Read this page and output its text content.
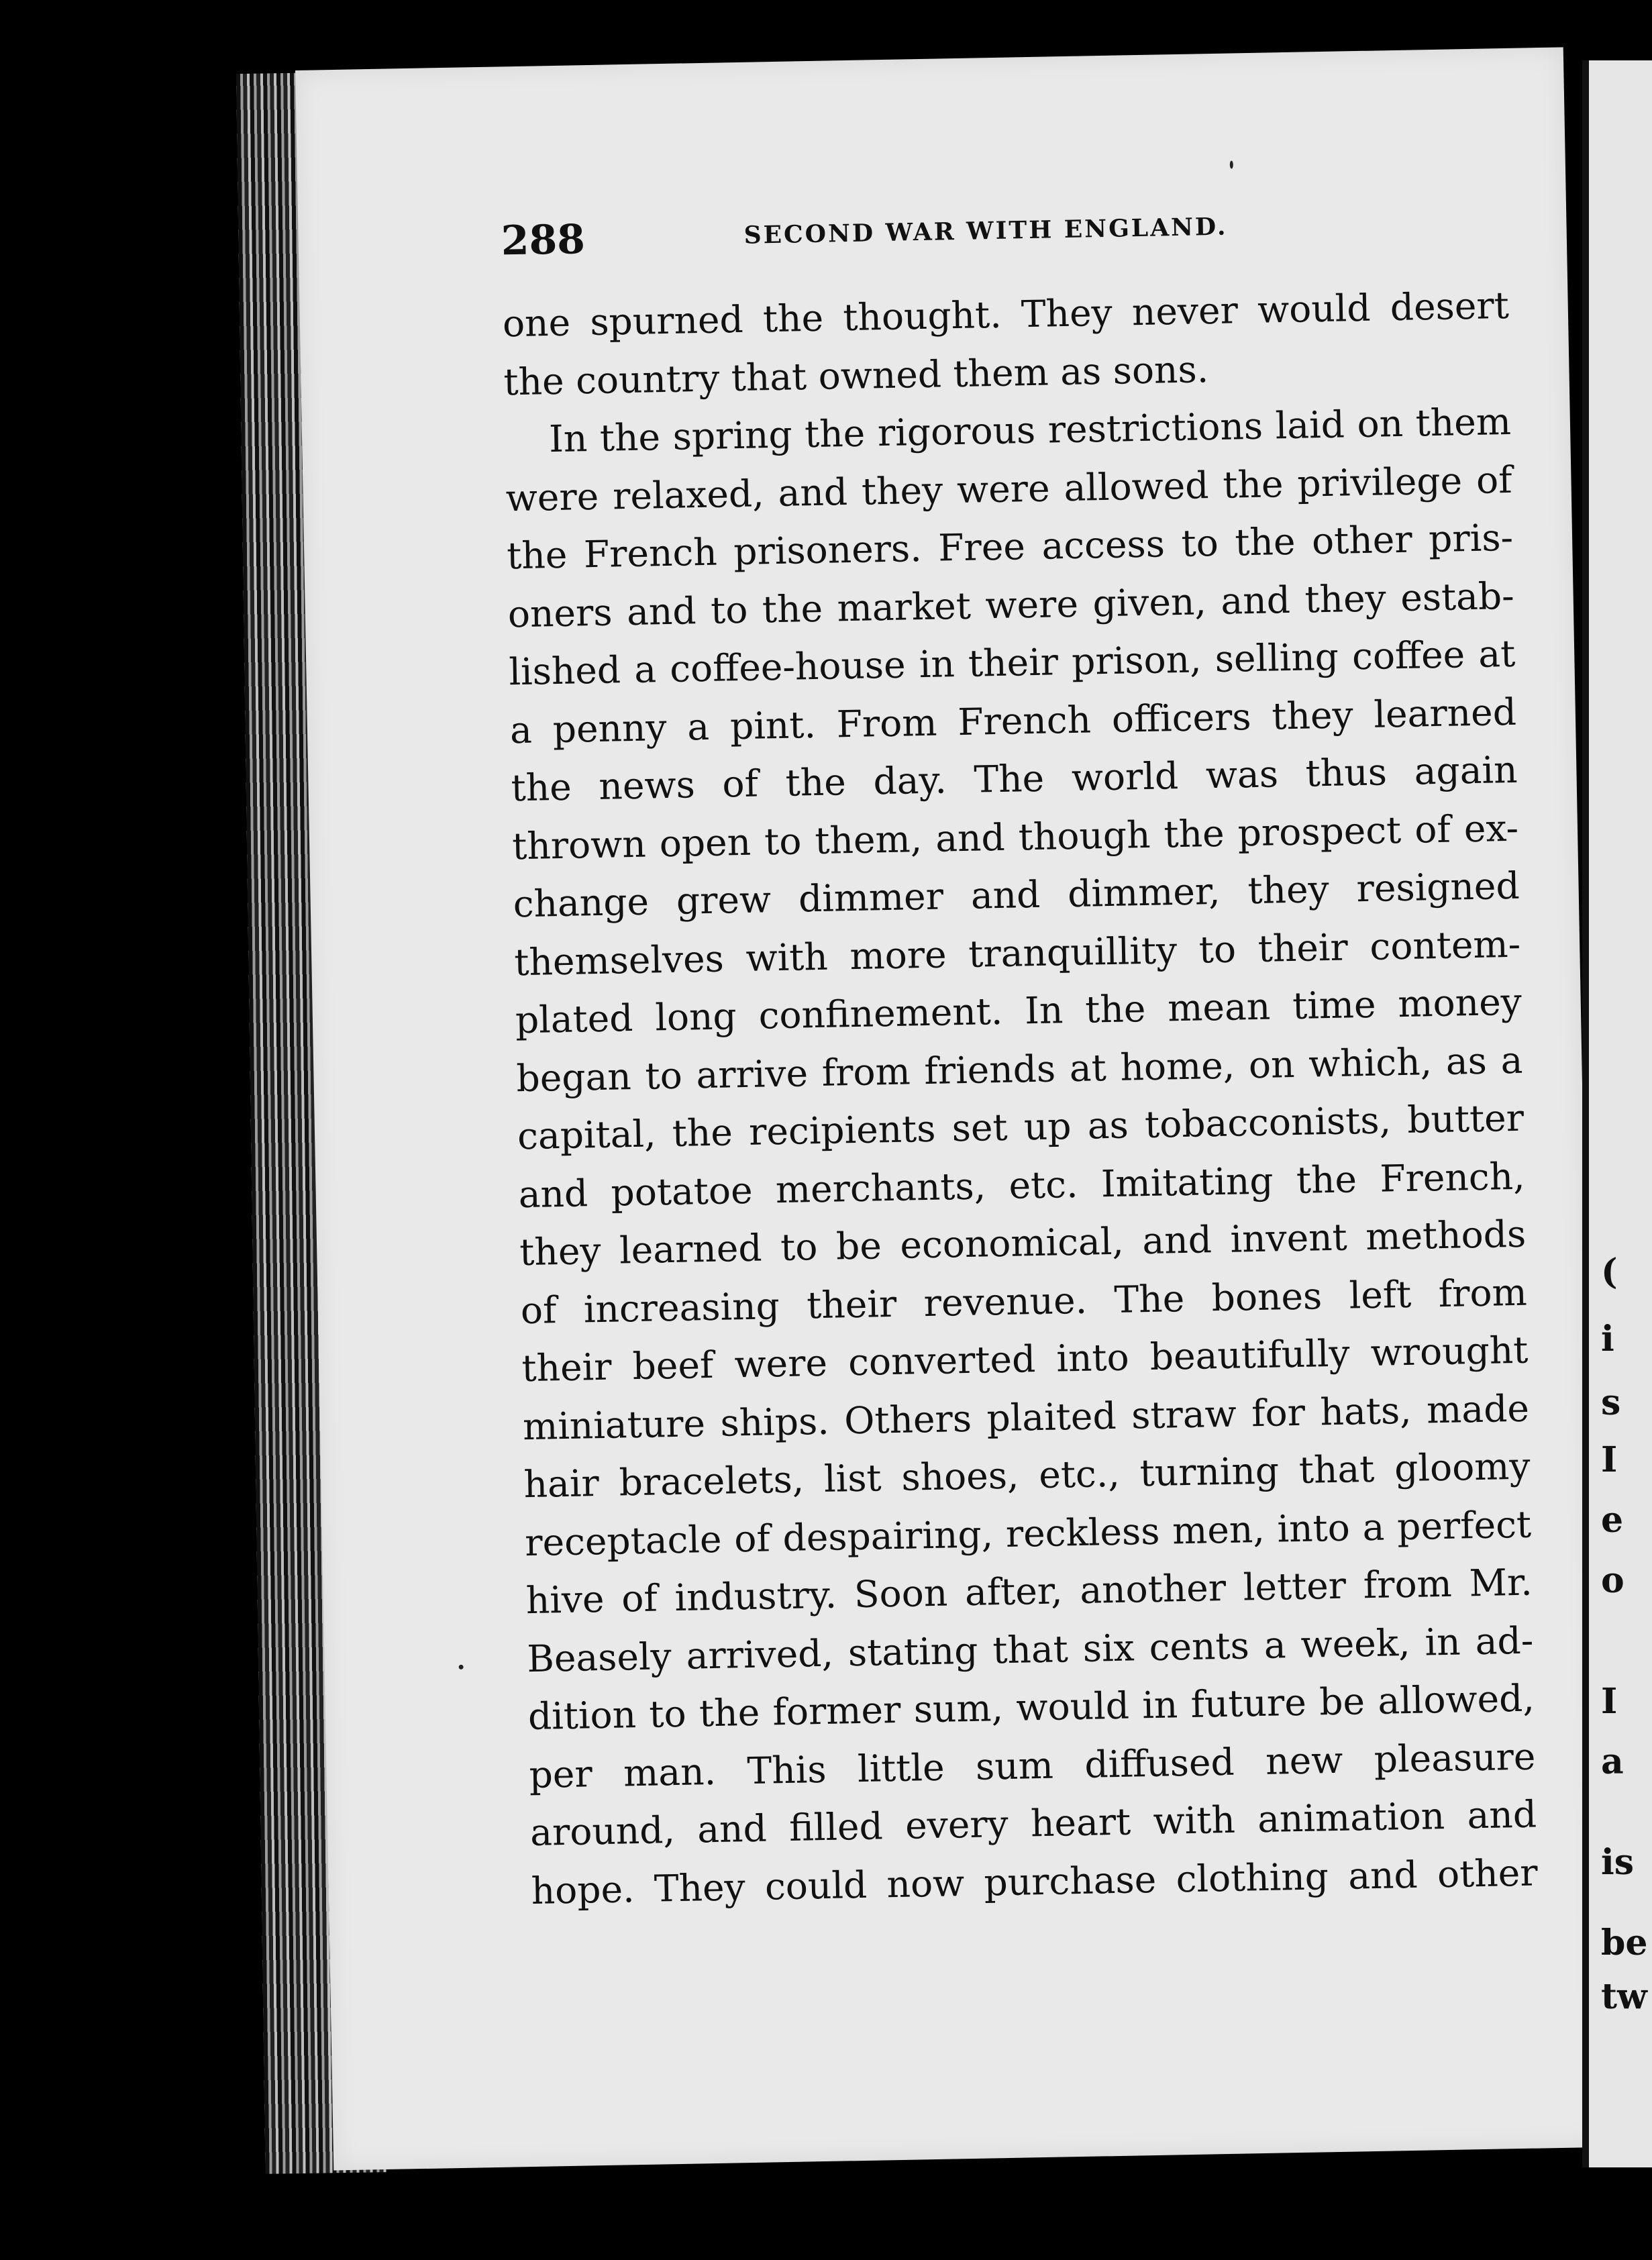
288	SECOND WAR WITH ENGLAND.
one spurned the thought. They never would desert
the country that owned them as sons.
In the spring the rigorous restrictions laid on them
were relaxed, and they were allowed the privilege of
the French prisoners. Free access to the other pris-
oners and to the market were given, and they estab-
lished a coffee-house in their prison, selling coffee at
a penny a pint. From French officers they learned
the news of the day. The world was thus again
thrown open to them, and though the prospect of ex-
change grew dimmer and dimmer, they resigned
themselves with more tranquillity to their contem-
plated long confinement. In the mean time money
began to arrive from friends at home, on which, as a
capital, the recipients set up as tobacconists, butter
and potatoe merchants, etc. Imitating the French,
they learned to be economical, and invent methods
of increasing their revenue. The bones left from
their beef were converted into beautifully wrought
miniature ships. Others plaited straw for hats, made
hair bracelets, list shoes, etc., turning that gloomy
receptacle of despairing, reckless men, into a perfect
hive of industry. Soon after, another letter from Mr.
Beasely arrived, stating that six cents a week, in ad-
dition to the former sum, would in future be allowed,
per man. This little sum diffused new pleasure
around, and filled every heart with animation and
hope. They could now purchase clothing and other
(
i
s
I
e
o
I
a
is
be
tw
